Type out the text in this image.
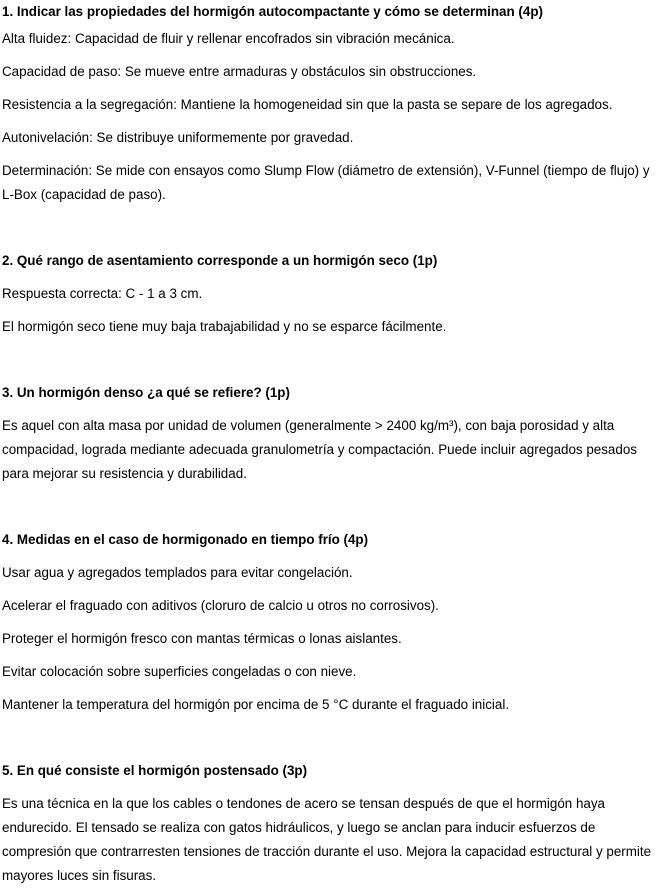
1. Indicar las propiedades del hormigón autocompactante y cómo se determinan (4p)

Alta fluidez: Capacidad de fluir y rellenar encofrados sin vibración mecánica.

Capacidad de paso: Se mueve entre armaduras y obstáculos sin obstrucciones.

Resistencia a la segregación: Mantiene la homogeneidad sin que la pasta se separe de los agregados.

Autonivelación: Se distribuye uniformemente por gravedad.

Determinación: Se mide con ensayos como Slump Flow (diámetro de extensión), V-Funnel (tiempo de flujo) y L-Box (capacidad de paso).

2. Qué rango de asentamiento corresponde a un hormigón seco (1p)

Respuesta correcta: C - 1 a 3 cm.

El hormigón seco tiene muy baja trabajabilidad y no se esparce fácilmente.

3. Un hormigón denso ¿a qué se refiere? (1p)

Es aquel con alta masa por unidad de volumen (generalmente > 2400 kg/m³), con baja porosidad y alta compacidad, lograda mediante adecuada granulometría y compactación. Puede incluir agregados pesados para mejorar su resistencia y durabilidad.

4. Medidas en el caso de hormigonado en tiempo frío (4p)

Usar agua y agregados templados para evitar congelación.

Acelerar el fraguado con aditivos (cloruro de calcio u otros no corrosivos).

Proteger el hormigón fresco con mantas térmicas o lonas aislantes.

Evitar colocación sobre superficies congeladas o con nieve.

Mantener la temperatura del hormigón por encima de 5 °C durante el fraguado inicial.

5. En qué consiste el hormigón postensado (3p)

Es una técnica en la que los cables o tendones de acero se tensan después de que el hormigón haya endurecido. El tensado se realiza con gatos hidráulicos, y luego se anclan para inducir esfuerzos de compresión que contrarresten tensiones de tracción durante el uso. Mejora la capacidad estructural y permite mayores luces sin fisuras.
